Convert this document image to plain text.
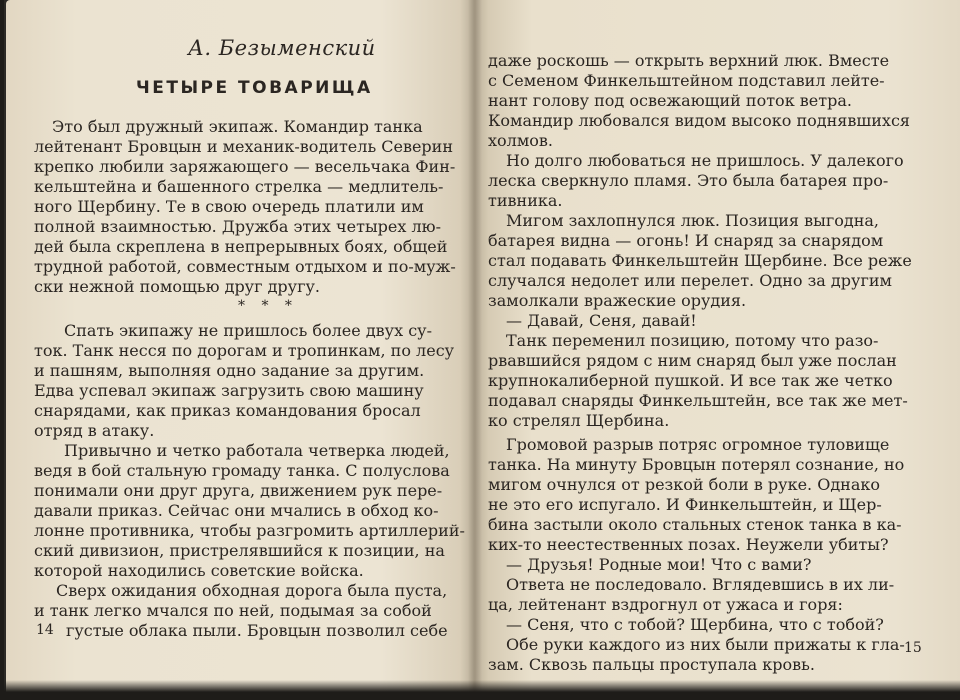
А. Безыменский
ЧЕТЫРЕ ТОВАРИЩА
Это был дружный экипаж. Командир танка
лейтенант Бровцын и механик-водитель Северин
крепко любили заряжающего — весельчака Фин-
кельштейна и башенного стрелка — медлитель-
ного Щербину. Те в свою очередь платили им
полной взаимностью. Дружба этих четырех лю-
дей была скреплена в непрерывных боях, общей
трудной работой, совместным отдыхом и по-муж-
ски нежной помощью друг другу.
* * *
Спать экипажу не пришлось более двух су-
ток. Танк несся по дорогам и тропинкам, по лесу
и пашням, выполняя одно задание за другим.
Едва успевал экипаж загрузить свою машину
снарядами, как приказ командования бросал
отряд в атаку.
Привычно и четко работала четверка людей,
ведя в бой стальную громаду танка. С полуслова
понимали они друг друга, движением рук пере-
давали приказ. Сейчас они мчались в обход ко-
лонне противника, чтобы разгромить артиллерий-
ский дивизион, пристрелявшийся к позиции, на
которой находились советские войска.
Сверх ожидания обходная дорога была пуста,
и танк легко мчался по ней, подымая за собой
густые облака пыли. Бровцын позволил себе
14
даже роскошь — открыть верхний люк. Вместе
с Семеном Финкельштейном подставил лейте-
нант голову под освежающий поток ветра.
Командир любовался видом высоко поднявшихся
холмов.
Но долго любоваться не пришлось. У далекого
леска сверкнуло пламя. Это была батарея про-
тивника.
Мигом захлопнулся люк. Позиция выгодна,
батарея видна — огонь! И снаряд за снарядом
стал подавать Финкельштейн Щербине. Все реже
случался недолет или перелет. Одно за другим
замолкали вражеские орудия.
— Давай, Сеня, давай!
Танк переменил позицию, потому что разо-
рвавшийся рядом с ним снаряд был уже послан
крупнокалиберной пушкой. И все так же четко
подавал снаряды Финкельштейн, все так же мет-
ко стрелял Щербина.
Громовой разрыв потряс огромное туловище
танка. На минуту Бровцын потерял сознание, но
мигом очнулся от резкой боли в руке. Однако
не это его испугало. И Финкельштейн, и Щер-
бина застыли около стальных стенок танка в ка-
ких-то неестественных позах. Неужели убиты?
— Друзья! Родные мои! Что с вами?
Ответа не последовало. Вглядевшись в их ли-
ца, лейтенант вздрогнул от ужаса и горя:
— Сеня, что с тобой? Щербина, что с тобой?
Обе руки каждого из них были прижаты к гла-
зам. Сквозь пальцы проступала кровь.
15
